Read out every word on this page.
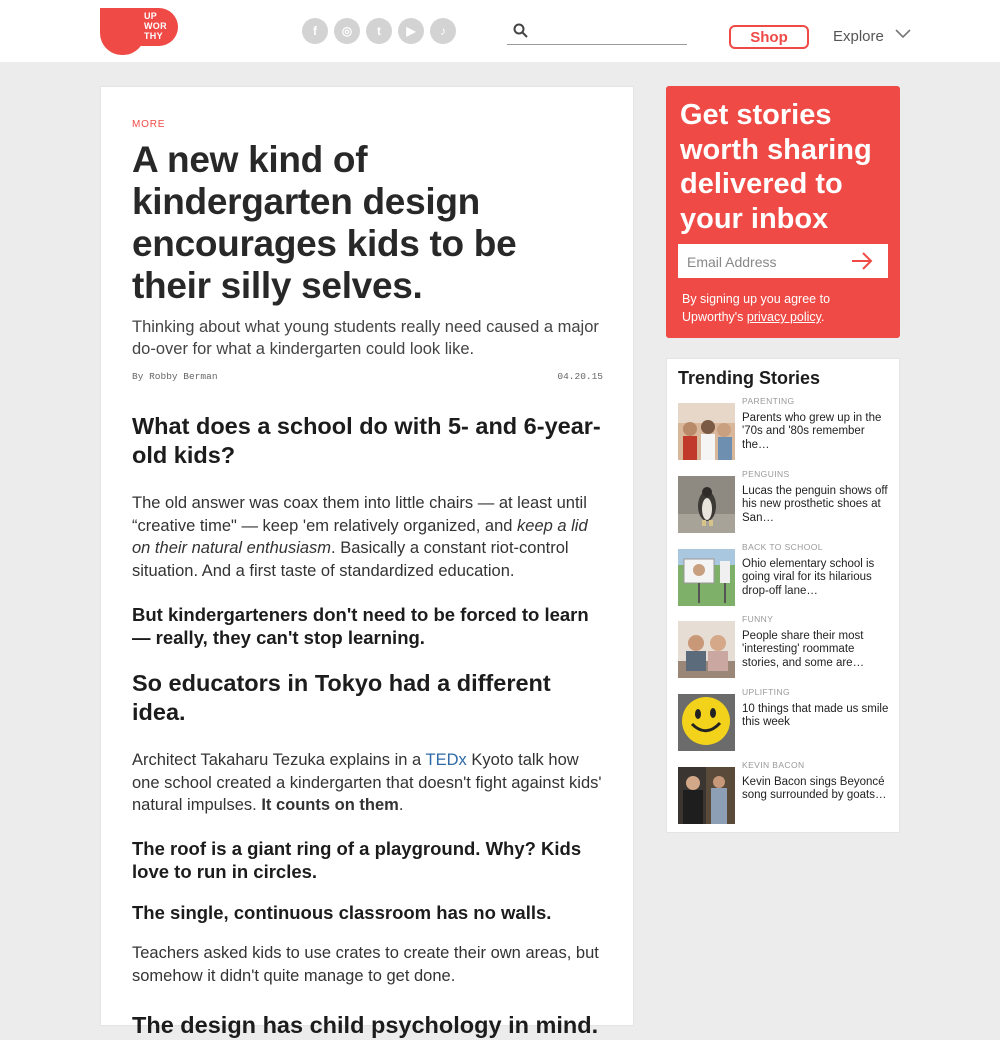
UP
WOR
THY	f	◎	t	▶	♪	Shop	Explore
MORE
A new kind of kindergarten design encourages kids to be their silly selves.

Thinking about what young students really need caused a major do-over for what a kindergarten could look like.

By Robby Berman	04.20.15
What does a school do with 5- and 6-year-old kids?

The old answer was coax them into little chairs — at least until “creative time" — keep 'em relatively organized, and keep a lid on their natural enthusiasm. Basically a constant riot-control situation. And a first taste of standardized education.

But kindergarteners don't need to be forced to learn — really, they can't stop learning.
So educators in Tokyo had a different idea.

Architect Takaharu Tezuka explains in a TEDx Kyoto talk how one school created a kindergarten that doesn't fight against kids' natural impulses. It counts on them.

The roof is a giant ring of a playground. Why? Kids love to run in circles.
The single, continuous classroom has no walls.

Teachers asked kids to use crates to create their own areas, but somehow it didn't quite manage to get done.

The design has child psychology in mind.
Get stories worth sharing delivered to your inbox
Email Address

By signing up you agree to Upworthy's privacy policy.

Trending Stories
PARENTING

Parents who grew up in the '70s and '80s remember the…

PENGUINS

Lucas the penguin shows off his new prosthetic shoes at San…

BACK TO SCHOOL

Ohio elementary school is going viral for its hilarious drop-off lane…

FUNNY

People share their most 'interesting' roommate stories, and some are…

UPLIFTING

10 things that made us smile this week

KEVIN BACON

Kevin Bacon sings Beyoncé song surrounded by goats…
